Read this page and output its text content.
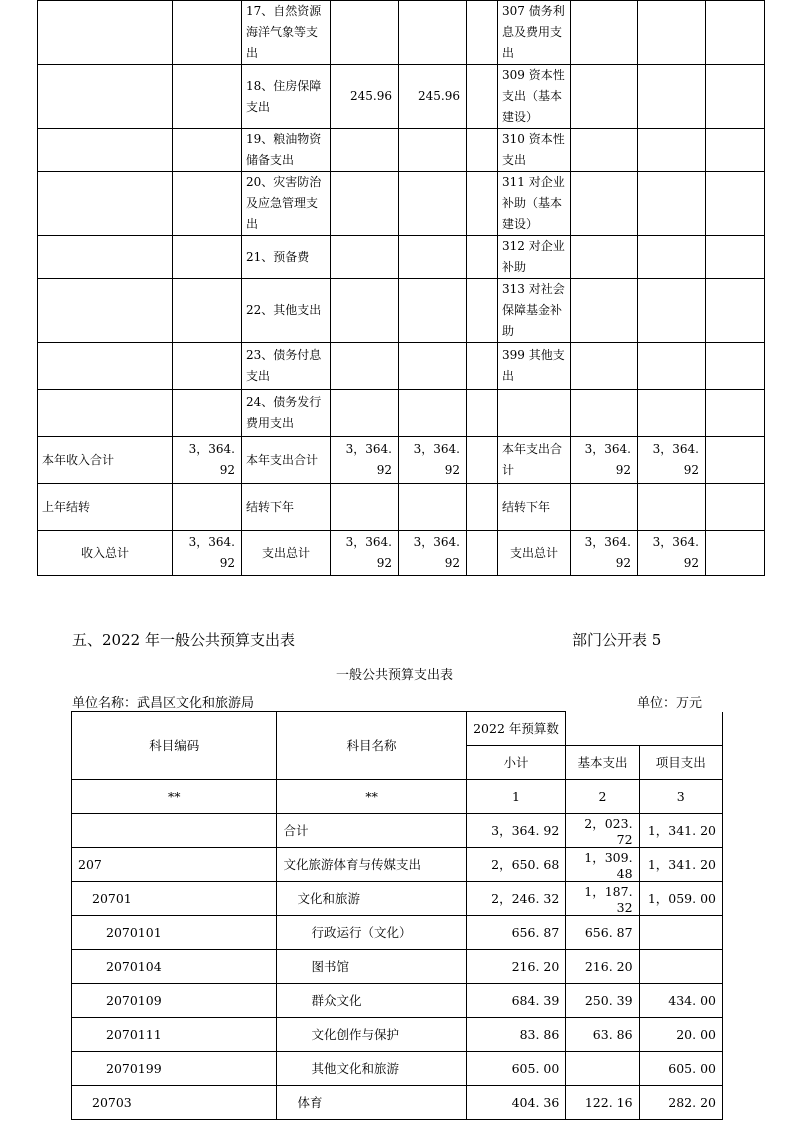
		17、自然资源海洋气象等支出				307 债务利息及费用支出			
		18、住房保障支出	245.96	245.96		309 资本性支出（基本建设）			
		19、粮油物资储备支出				310 资本性支出			
		20、灾害防治及应急管理支出				311 对企业补助（基本建设）			
		21、预备费				312 对企业补助			
		22、其他支出				313 对社会保障基金补助			
		23、债务付息支出				399 其他支出			
		24、债务发行费用支出							
本年收入合计	3，364. 92	本年支出合计	3，364. 92	3，364. 92		本年支出合计	3，364. 92	3，364. 92	
上年结转		结转下年				结转下年			
收入总计	3，364. 92	支出总计	3，364. 92	3，364. 92		支出总计	3，364. 92	3，364. 92	
五、2022 年一般公共预算支出表	部门公开表 5
一般公共预算支出表
单位名称：武昌区文化和旅游局	单位：万元
科目编码	科目名称	2022 年预算数		
		小计	基本支出	项目支出
**	**	1	2	3
	合计	3，364. 92	2，023. 72	1，341. 20
207	文化旅游体育与传媒支出	2，650. 68	1，309. 48	1，341. 20
20701	文化和旅游	2，246. 32	1，187. 32	1，059. 00
2070101	行政运行（文化）	656. 87	656. 87	
2070104	图书馆	216. 20	216. 20	
2070109	群众文化	684. 39	250. 39	434. 00
2070111	文化创作与保护	83. 86	63. 86	20. 00
2070199	其他文化和旅游	605. 00		605. 00
20703	体育	404. 36	122. 16	282. 20
